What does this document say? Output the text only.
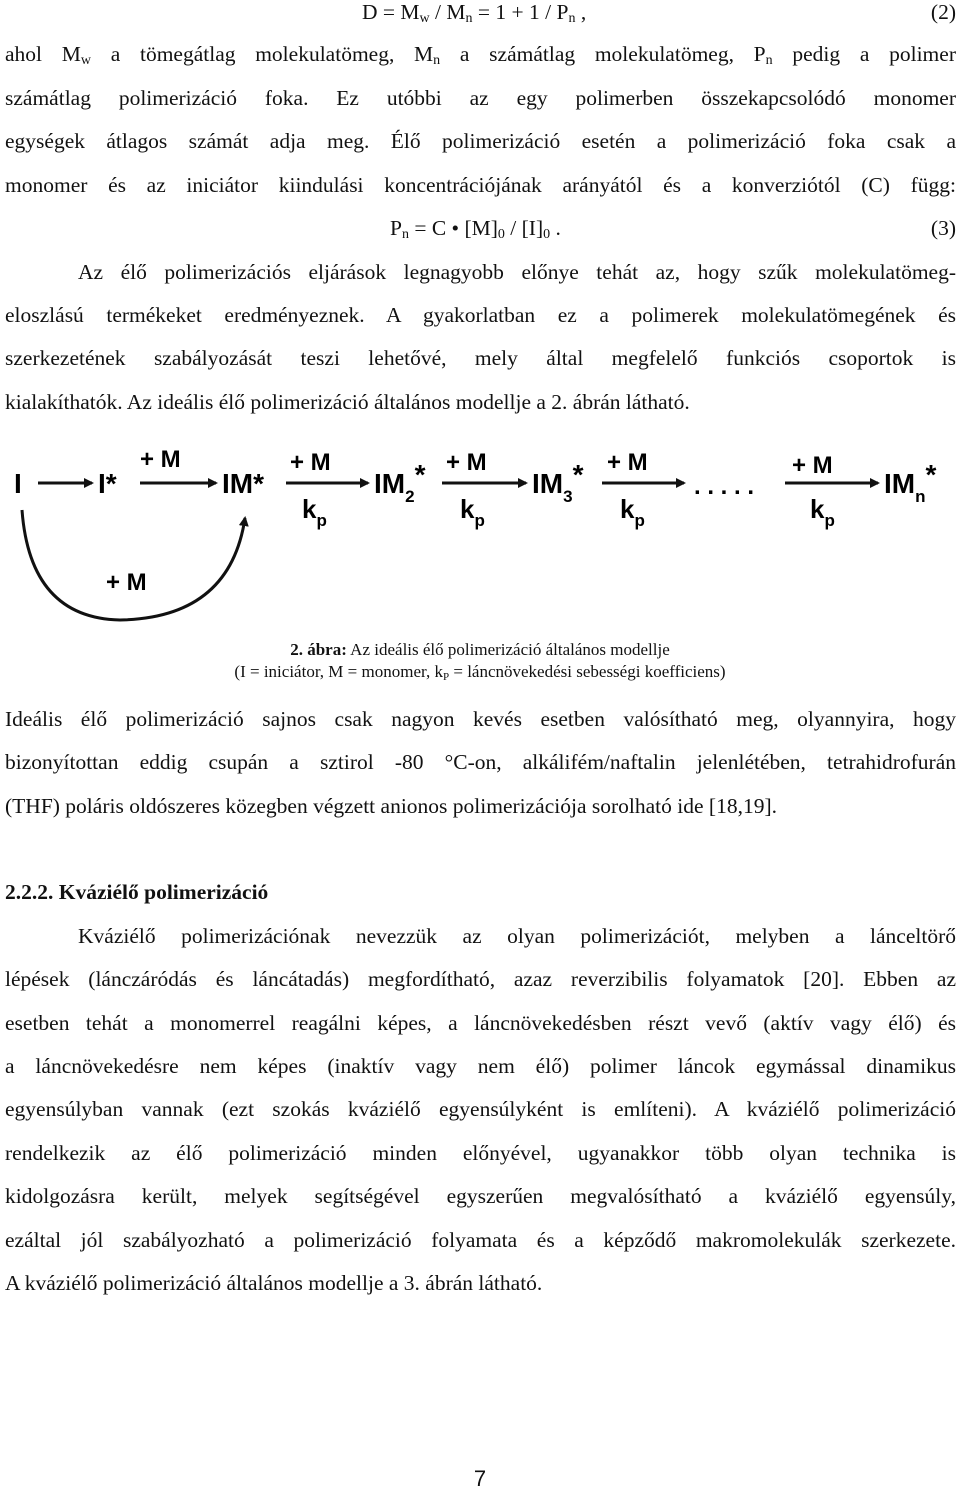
$D = M_w / M_n = 1 + 1 / P_n$ ,	(2)
ahol $M_w$ a tömegátlag molekulatömeg, $M_n$ a számátlag molekulatömeg, $P_n$ pedig a polimer
számátlag polimerizáció foka. Ez utóbbi az egy polimerben összekapcsolódó monomer
egységek átlagos számát adja meg. Élő polimerizáció esetén a polimerizáció foka csak a
monomer és az iniciátor kiindulási koncentrációjának arányától és a konverziótól (C) függ:
$P_n = C$ • $[M]_0 / [I]_0$ .	(3)
Az élő polimerizációs eljárások legnagyobb előnye tehát az, hogy szűk molekulatömeg-
eloszlású termékeket eredményeznek. A gyakorlatban ez a polimerek molekulatömegének és
szerkezetének szabályozását teszi lehetővé, mely által megfelelő funkciós csoportok is
kialakíthatók. Az ideális élő polimerizáció általános modellje a 2. ábrán látható.
I	I*	IM*	$IM_2*$	$IM_3*$	$IM_n*$
+ M	+ M	+ M	+ M	+ M
$k_p$	$k_p$	$k_p$	$k_p$
. . . . .
+ M
2. ábra: Az ideális élő polimerizáció általános modellje
(I = iniciátor, M = monomer, $k_P$ = láncnövekedési sebességi koefficiens)
Ideális élő polimerizáció sajnos csak nagyon kevés esetben valósítható meg, olyannyira, hogy
bizonyítottan eddig csupán a sztirol -80 °C-on, alkálifém/naftalin jelenlétében, tetrahidrofurán
(THF) poláris oldószeres közegben végzett anionos polimerizációja sorolható ide [18,19].
2.2.2. Kváziélő polimerizáció
Kváziélő polimerizációnak nevezzük az olyan polimerizációt, melyben a lánceltörő
lépések (lánczáródás és láncátadás) megfordítható, azaz reverzibilis folyamatok [20]. Ebben az
esetben tehát a monomerrel reagálni képes, a láncnövekedésben részt vevő (aktív vagy élő) és
a láncnövekedésre nem képes (inaktív vagy nem élő) polimer láncok egymással dinamikus
egyensúlyban vannak (ezt szokás kváziélő egyensúlyként is említeni). A kváziélő polimerizáció
rendelkezik az élő polimerizáció minden előnyével, ugyanakkor több olyan technika is
kidolgozásra került, melyek segítségével egyszerűen megvalósítható a kváziélő egyensúly,
ezáltal jól szabályozható a polimerizáció folyamata és a képződő makromolekulák szerkezete.
A kváziélő polimerizáció általános modellje a 3. ábrán látható.
7
